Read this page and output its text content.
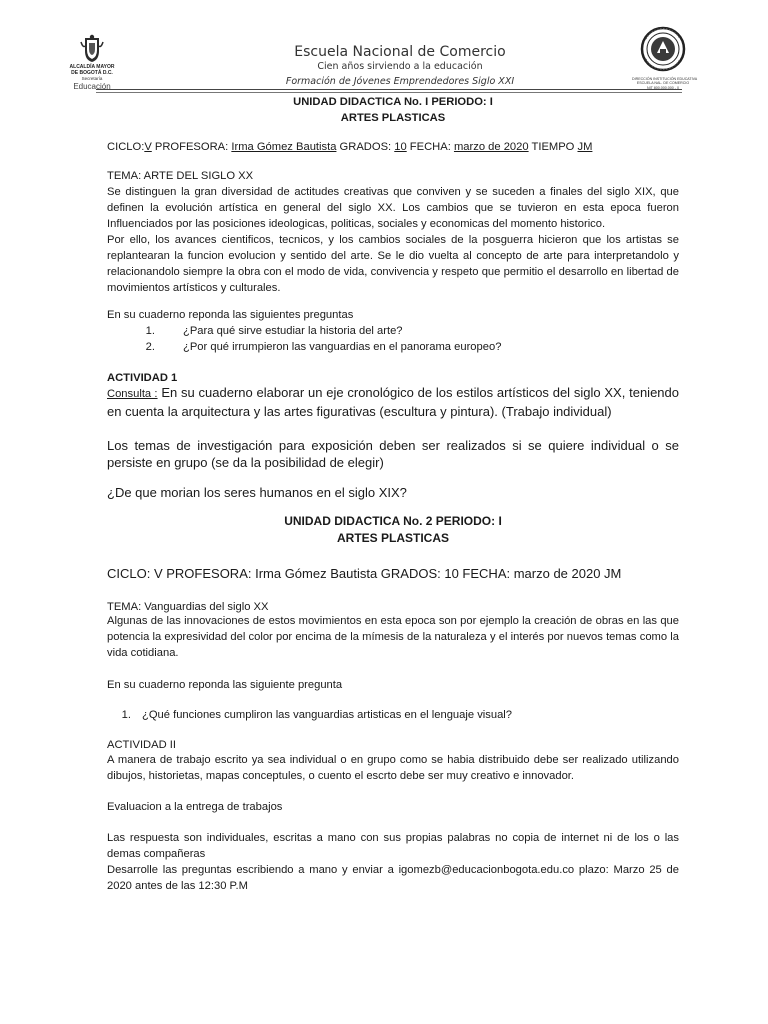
ALCALDÍA MAYOR
DE BOGOTÁ D.C.
Secretaría
Educación
DIRECCIÓN INSTITUCIÓN EDUCATIVA
ESCUELA NAL. DE COMERCIO
NIT 800.000.000 - 0
Escuela Nacional de Comercio
Cien años sirviendo a la educación
Formación de Jóvenes Emprendedores Siglo XXI
UNIDAD DIDACTICA No. I PERIODO: I
ARTES PLASTICAS
CICLO:V PROFESORA: Irma Gómez Bautista GRADOS: 10 FECHA: marzo de 2020 TIEMPO JM
TEMA: ARTE DEL SIGLO XX

Se distinguen la gran diversidad de actitudes creativas que conviven y se suceden a finales del siglo XIX, que definen la evolución artística en general del siglo XX. Los cambios que se tuvieron en esta epoca fueron Influenciados por las posiciones ideologicas, politicas, sociales y economicas del momento historico.

Por ello, los avances cientificos, tecnicos, y los cambios sociales de la posguerra hicieron que los artistas se replantearan la funcion evolucion y sentido del arte. Se le dio vuelta al concepto de arte para interpretandolo y relacionandolo siempre la obra con el modo de vida, convivencia y respeto que permitio el desarrollo en libertad de movimientos artísticos y culturales.

En su cuaderno reponda las siguientes preguntas
1.	¿Para qué sirve estudiar la historia del arte?
2.	¿Por qué irrumpieron las vanguardias en el panorama europeo?
ACTIVIDAD 1

Consulta : En su cuaderno elaborar un eje cronológico de los estilos artísticos del siglo XX, teniendo en cuenta la arquitectura y las artes figurativas (escultura y pintura). (Trabajo individual)

Los temas de investigación para exposición deben ser realizados si se quiere individual o se persiste en grupo (se da la posibilidad de elegir)

¿De que morian los seres humanos en el siglo XIX?
UNIDAD DIDACTICA No. 2 PERIODO: I
ARTES PLASTICAS
CICLO: V PROFESORA: Irma Gómez Bautista GRADOS: 10 FECHA: marzo de 2020 JM
TEMA: Vanguardias del siglo XX

Algunas de las innovaciones de estos movimientos en esta epoca son por ejemplo la creación de obras en las que potencia la expresividad del color por encima de la mímesis de la naturaleza y el interés por nuevos temas como la vida cotidiana.

En su cuaderno reponda las siguiente pregunta
1. ¿Qué funciones cumpliron las vanguardias artisticas en el lenguaje visual?
ACTIVIDAD II

A manera de trabajo escrito ya sea individual o en grupo como se habia distribuido debe ser realizado utilizando dibujos, historietas, mapas conceptules, o cuento el escrto debe ser muy creativo e innovador.

Evaluacion a la entrega de trabajos

Las respuesta son individuales, escritas a mano con sus propias palabras no copia de internet ni de los o las demas compañeras

Desarrolle las preguntas escribiendo a mano y enviar a igomezb@educacionbogota.edu.co plazo: Marzo 25 de 2020 antes de las 12:30 P.M
